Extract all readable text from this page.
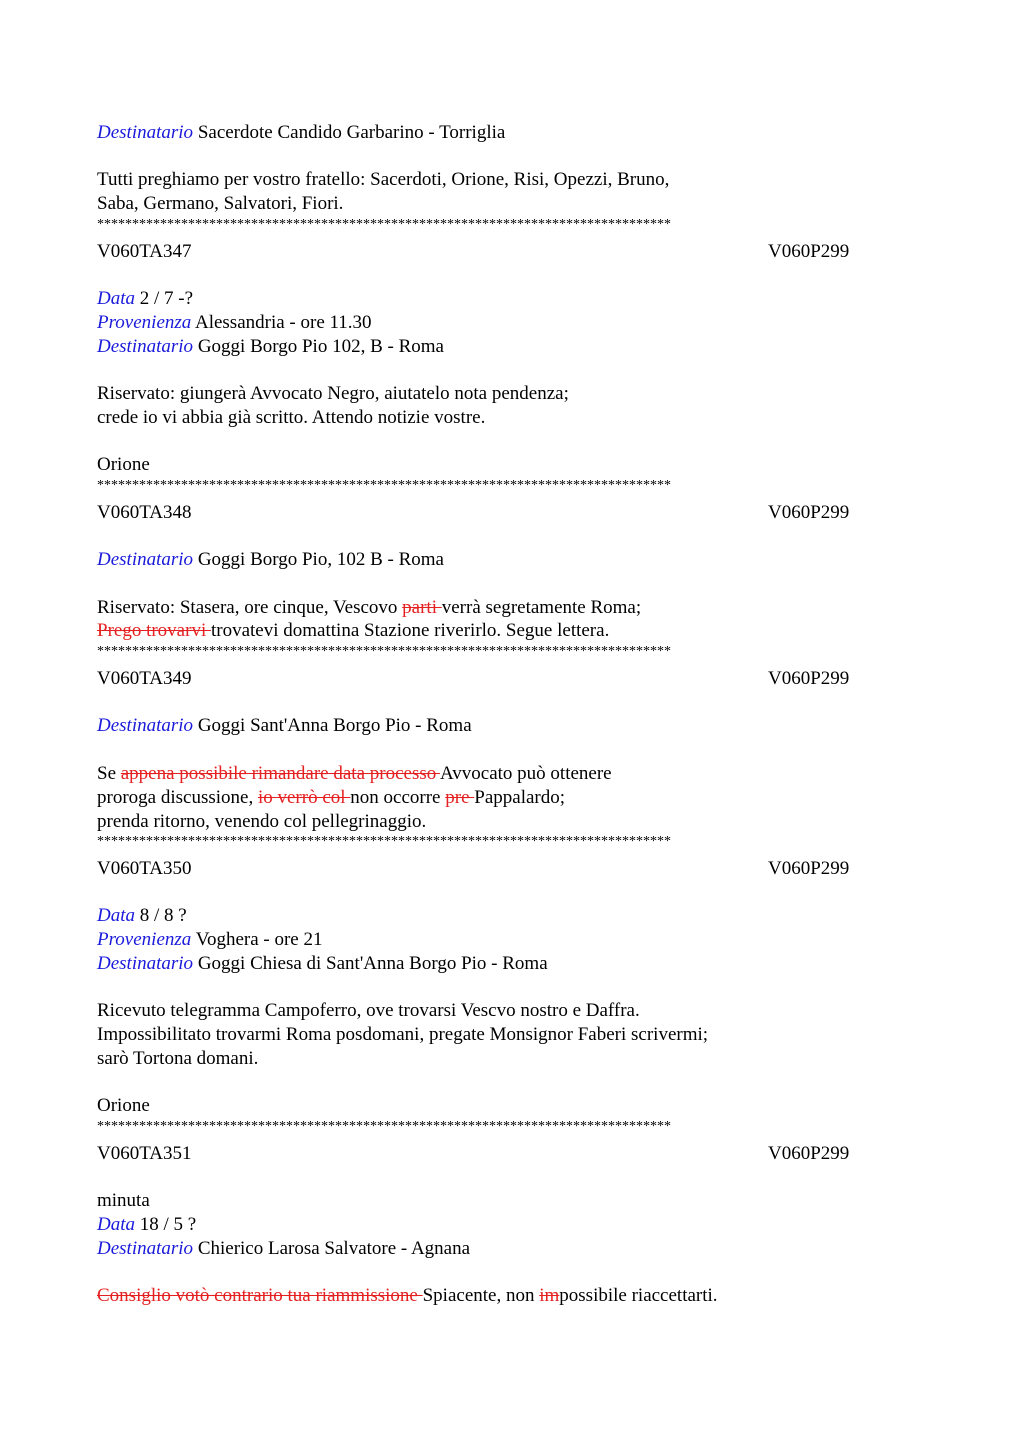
Destinatario Sacerdote Candido Garbarino - Torriglia
Tutti preghiamo per vostro fratello: Sacerdoti, Orione, Risi, Opezzi, Bruno,
Saba, Germano, Salvatori, Fiori.
**********************************************************************************
V060TA347	V060P299
Data 2 / 7 -?
Provenienza Alessandria - ore 11.30
Destinatario Goggi Borgo Pio 102, B - Roma
Riservato: giungerà Avvocato Negro, aiutatelo nota pendenza;
crede io vi abbia già scritto. Attendo notizie vostre.
Orione
**********************************************************************************
V060TA348	V060P299
Destinatario Goggi Borgo Pio, 102 B - Roma
Riservato: Stasera, ore cinque, Vescovo parti verrà segretamente Roma;
Prego trovarvi trovatevi domattina Stazione riverirlo. Segue lettera.
**********************************************************************************
V060TA349	V060P299
Destinatario Goggi Sant'Anna Borgo Pio - Roma
Se appena possibile rimandare data processo Avvocato può ottenere
proroga discussione, io verrò col non occorre pre Pappalardo;
prenda ritorno, venendo col pellegrinaggio.
**********************************************************************************
V060TA350	V060P299
Data 8 / 8 ?
Provenienza Voghera - ore 21
Destinatario Goggi Chiesa di Sant'Anna Borgo Pio - Roma
Ricevuto telegramma Campoferro, ove trovarsi Vescvo nostro e Daffra.
Impossibilitato trovarmi Roma posdomani, pregate Monsignor Faberi scrivermi;
sarò Tortona domani.
Orione
**********************************************************************************
V060TA351	V060P299
minuta
Data 18 / 5 ?
Destinatario Chierico Larosa Salvatore - Agnana
Consiglio votò contrario tua riammissione Spiacente, non impossibile riaccettarti.
